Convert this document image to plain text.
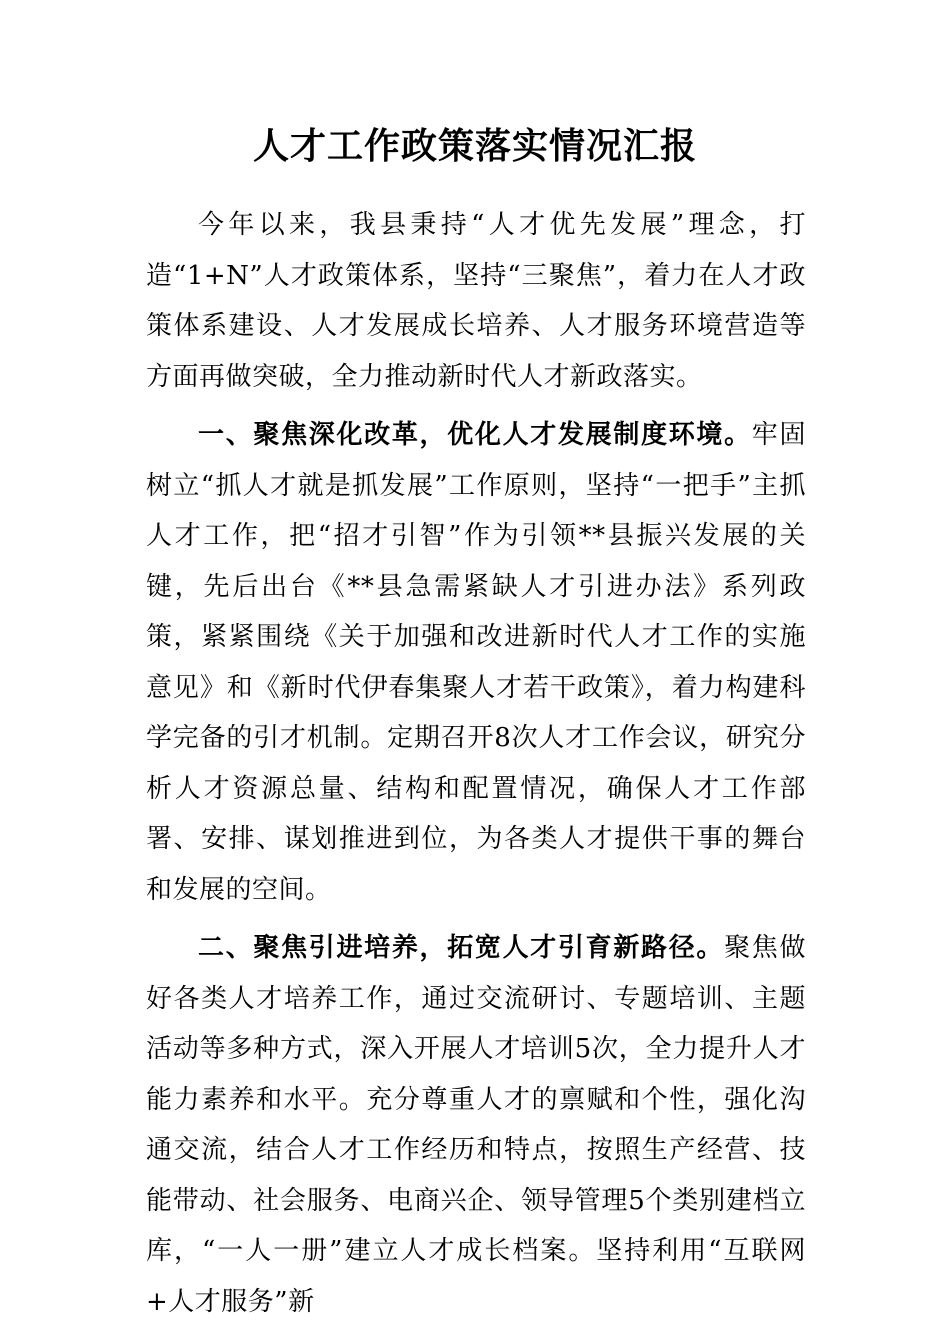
人才工作政策落实情况汇报

今年以来，我县秉持“人才优先发展”理念，打造“1+N”人才政策体系，坚持“三聚焦”，着力在人才政策体系建设、人才发展成长培养、人才服务环境营造等方面再做突破，全力推动新时代人才新政落实。

一、聚焦深化改革，优化人才发展制度环境。牢固树立“抓人才就是抓发展”工作原则，坚持“一把手”主抓人才工作，把“招才引智”作为引领**县振兴发展的关键，先后出台《**县急需紧缺人才引进办法》系列政策，紧紧围绕《关于加强和改进新时代人才工作的实施意见》和《新时代伊春集聚人才若干政策》，着力构建科学完备的引才机制。定期召开8次人才工作会议，研究分析人才资源总量、结构和配置情况，确保人才工作部署、安排、谋划推进到位，为各类人才提供干事的舞台和发展的空间。

二、聚焦引进培养，拓宽人才引育新路径。聚焦做好各类人才培养工作，通过交流研讨、专题培训、主题活动等多种方式，深入开展人才培训5次，全力提升人才能力素养和水平。充分尊重人才的禀赋和个性，强化沟通交流，结合人才工作经历和特点，按照生产经营、技能带动、社会服务、电商兴企、领导管理5个类别建档立库，“一人一册”建立人才成长档案。坚持利用“互联网+人才服务”新
